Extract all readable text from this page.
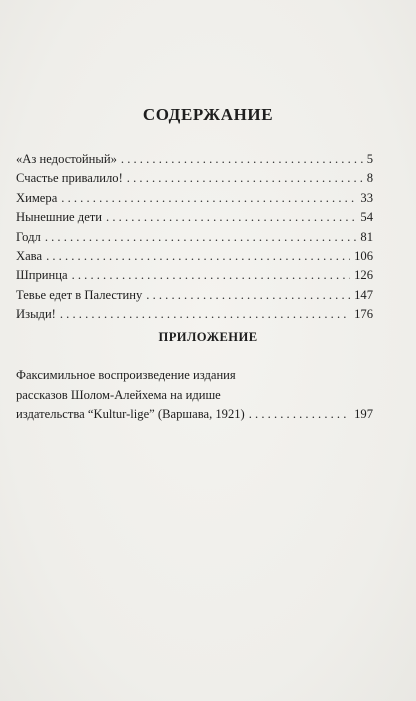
СОДЕРЖАНИЕ
«Аз недостойный» . . .	5
Счастье привалило! . . .	8
Химера . . .	33
Нынешние дети . . .	54
Годл . . .	81
Хава . . .	106
Шпринца . . .	126
Тевье едет в Палестину . . .	147
Изыди! . . .	176
ПРИЛОЖЕНИЕ
Факсимильное воспроизведение издания
рассказов Шолом-Алейхема на идише
издательства “Kultur-lige” (Варшава, 1921) . . .	197
